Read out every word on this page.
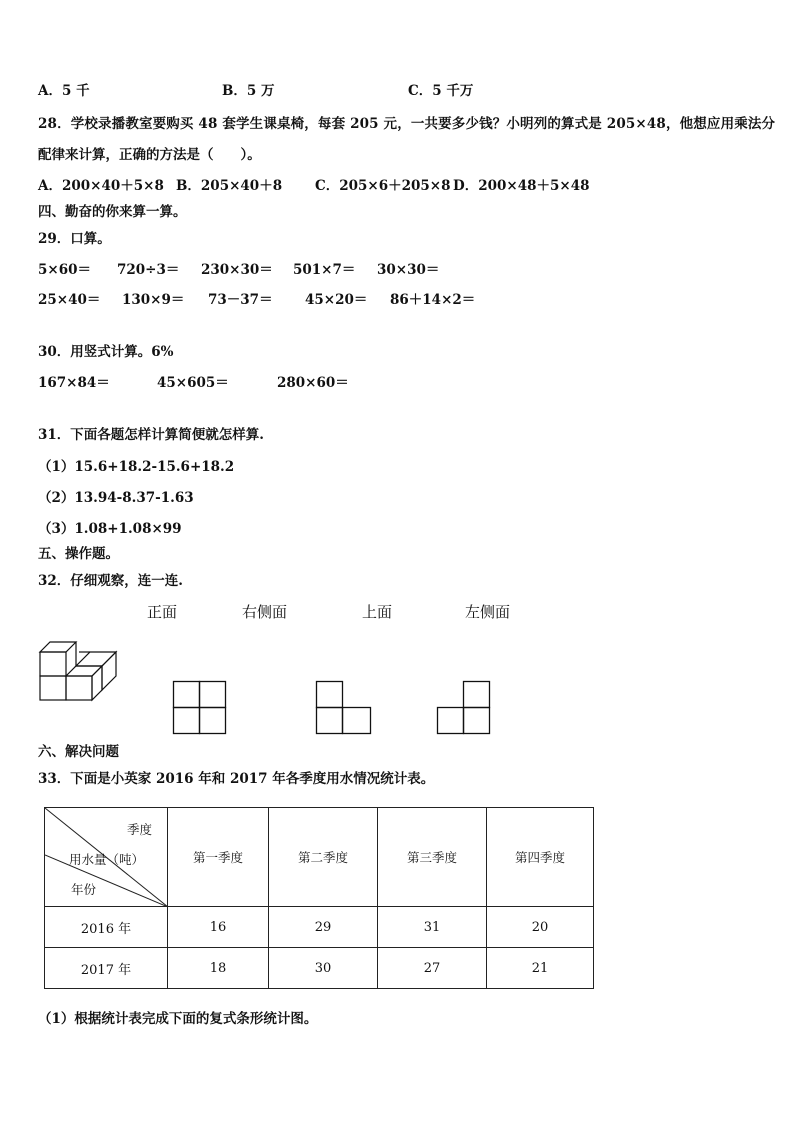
A．5 千	B．5 万	C．5 千万
28．学校录播教室要购买 48 套学生课桌椅，每套 205 元，一共要多少钱？小明列的算式是 205×48，他想应用乘法分
配律来计算，正确的方法是（　　）。
A．200×40＋5×8 B．205×40＋8 C．205×6＋205×8 D．200×48＋5×48
四、勤奋的你来算一算。
29．口算。
5×60＝ 720÷3＝ 230×30＝ 501×7＝ 30×30＝
25×40＝ 130×9＝ 73－37＝ 45×20＝ 86＋14×2＝
30．用竖式计算。6%
167×84＝	45×605＝	280×60＝
31．下面各题怎样计算简便就怎样算.
（1）15.6+18.2-15.6+18.2
（2）13.94-8.37-1.63
（3）1.08+1.08×99
五、操作题。
32．仔细观察，连一连.
正面	右侧面	上面	左侧面
六、解决问题
33．下面是小英家 2016 年和 2017 年各季度用水情况统计表。
季度
用水量（吨）
年份	第一季度	第二季度	第三季度	第四季度
2016 年	16	29	31	20
2017 年	18	30	27	21
（1）根据统计表完成下面的复式条形统计图。
